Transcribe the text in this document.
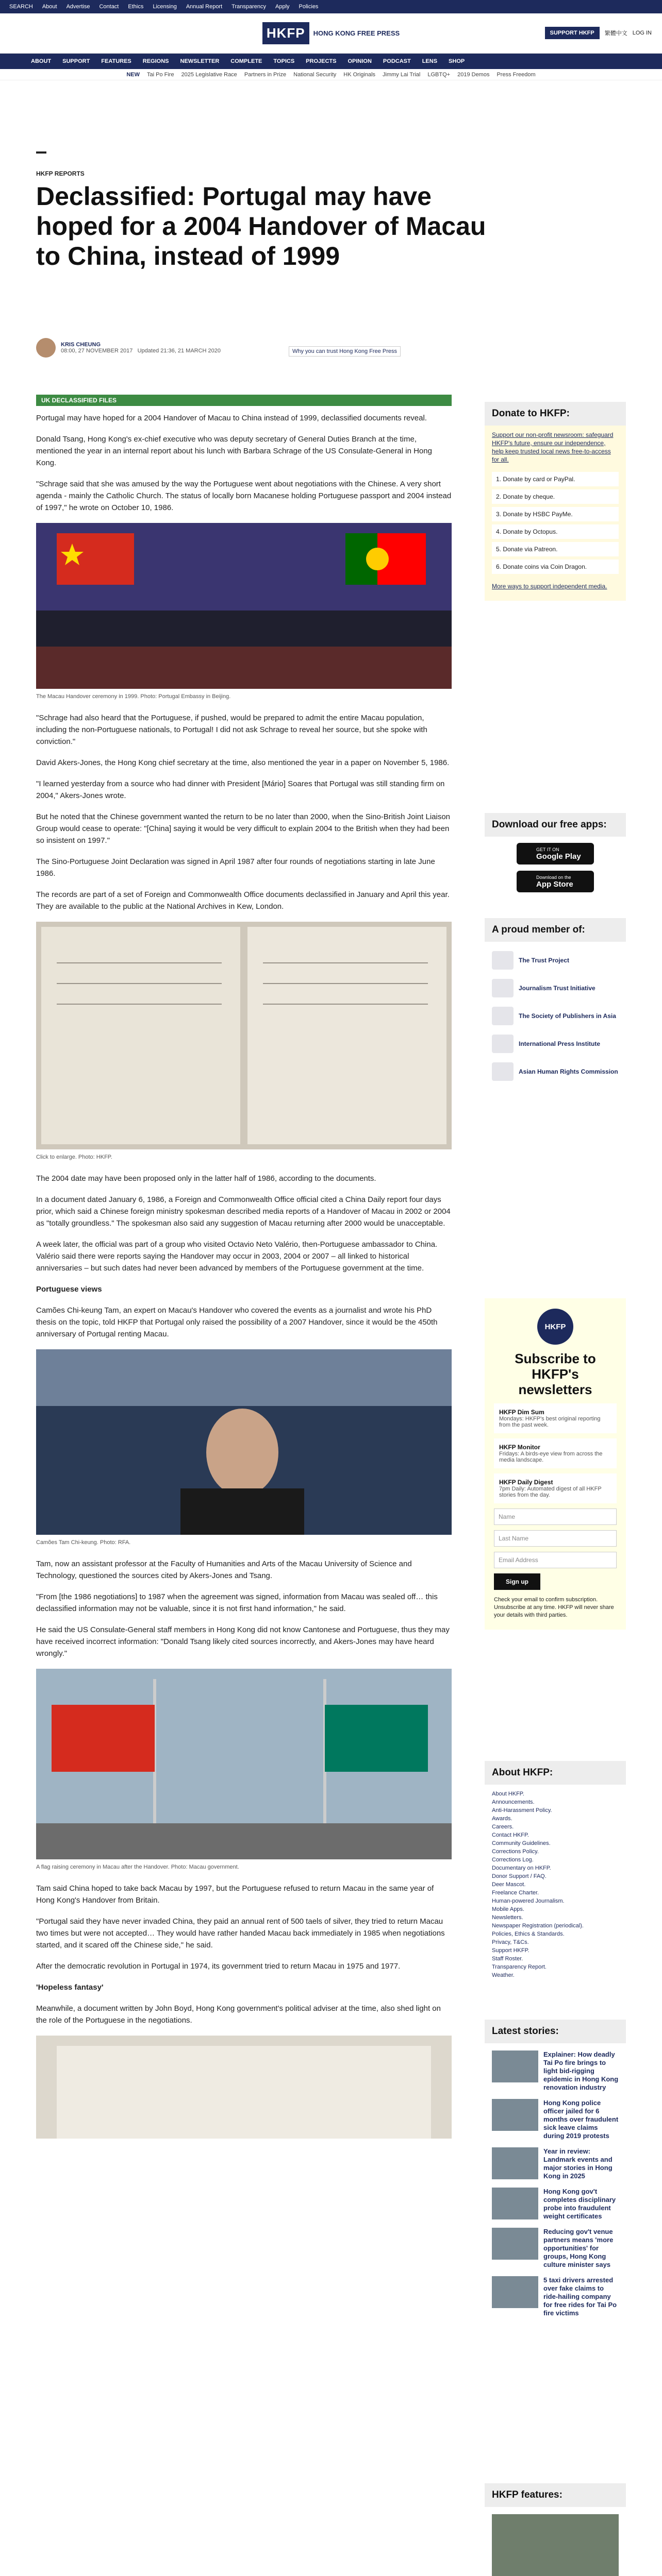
SEARCH About Advertise Contact Ethics Licensing Annual Report Transparency Apply Policies
HKFP	HONG KONG FREE PRESS	SUPPORT HKFP	繁體中文 LOG IN
ABOUT SUPPORT FEATURES REGIONS NEWSLETTER COMPLETE TOPICS PROJECTS OPINION PODCAST LENS SHOP
NEW Tai Po Fire 2025 Legislative Race Partners in Prize National Security HK Originals Jimmy Lai Trial LGBTQ+ 2019 Demos Press Freedom
HKFP REPORTS
Declassified: Portugal may have hoped for a 2004 Handover of Macau to China, instead of 1999
KRIS CHEUNG
08:00, 27 NOVEMBER 2017 Updated 21:36, 21 MARCH 2020	Why you can trust Hong Kong Free Press
UK DECLASSIFIED FILES

Portugal may have hoped for a 2004 Handover of Macau to China instead of 1999, declassified documents reveal.

Donald Tsang, Hong Kong's ex-chief executive who was deputy secretary of General Duties Branch at the time, mentioned the year in an internal report about his lunch with Barbara Schrage of the US Consulate-General in Hong Kong.

"Schrage said that she was amused by the way the Portuguese went about negotiations with the Chinese. A very short agenda - mainly the Catholic Church. The status of locally born Macanese holding Portuguese passport and 2004 instead of 1997," he wrote on October 10, 1986.

The Macau Handover ceremony in 1999. Photo: Portugal Embassy in Beijing.

"Schrage had also heard that the Portuguese, if pushed, would be prepared to admit the entire Macau population, including the non-Portuguese nationals, to Portugal! I did not ask Schrage to reveal her source, but she spoke with conviction."

David Akers-Jones, the Hong Kong chief secretary at the time, also mentioned the year in a paper on November 5, 1986.

"I learned yesterday from a source who had dinner with President [Mário] Soares that Portugal was still standing firm on 2004," Akers-Jones wrote.

But he noted that the Chinese government wanted the return to be no later than 2000, when the Sino-British Joint Liaison Group would cease to operate: "[China] saying it would be very difficult to explain 2004 to the British when they had been so insistent on 1997."

The Sino-Portuguese Joint Declaration was signed in April 1987 after four rounds of negotiations starting in late June 1986.

The records are part of a set of Foreign and Commonwealth Office documents declassified in January and April this year. They are available to the public at the National Archives in Kew, London.

Click to enlarge. Photo: HKFP.

The 2004 date may have been proposed only in the latter half of 1986, according to the documents.

In a document dated January 6, 1986, a Foreign and Commonwealth Office official cited a China Daily report four days prior, which said a Chinese foreign ministry spokesman described media reports of a Handover of Macau in 2002 or 2004 as "totally groundless." The spokesman also said any suggestion of Macau returning after 2000 would be unacceptable.

A week later, the official was part of a group who visited Octavio Neto Valério, then-Portuguese ambassador to China. Valério said there were reports saying the Handover may occur in 2003, 2004 or 2007 – all linked to historical anniversaries – but such dates had never been advanced by members of the Portuguese government at the time.

Portuguese views

Camões Chi-keung Tam, an expert on Macau's Handover who covered the events as a journalist and wrote his PhD thesis on the topic, told HKFP that Portugal only raised the possibility of a 2007 Handover, since it would be the 450th anniversary of Portugal renting Macau.

Camões Tam Chi-keung. Photo: RFA.

Tam, now an assistant professor at the Faculty of Humanities and Arts of the Macau University of Science and Technology, questioned the sources cited by Akers-Jones and Tsang.

"From [the 1986 negotiations] to 1987 when the agreement was signed, information from Macau was sealed off… this declassified information may not be valuable, since it is not first hand information," he said.

He said the US Consulate-General staff members in Hong Kong did not know Cantonese and Portuguese, thus they may have received incorrect information: "Donald Tsang likely cited sources incorrectly, and Akers-Jones may have heard wrongly."

A flag raising ceremony in Macau after the Handover. Photo: Macau government.

Tam said China hoped to take back Macau by 1997, but the Portuguese refused to return Macau in the same year of Hong Kong's Handover from Britain.

"Portugal said they have never invaded China, they paid an annual rent of 500 taels of silver, they tried to return Macau two times but were not accepted… They would have rather handed Macau back immediately in 1985 when negotiations started, and it scared off the Chinese side," he said.

After the democratic revolution in Portugal in 1974, its government tried to return Macau in 1975 and 1977.

'Hopeless fantasy'

Meanwhile, a document written by John Boyd, Hong Kong government's political adviser at the time, also shed light on the role of the Portuguese in the negotiations.

Donate to HKFP:

Support our non-profit newsroom: safeguard HKFP's future, ensure our independence, help keep trusted local news free-to-access for all.

1. Donate by card or PayPal.
2. Donate by cheque.
3. Donate by HSBC PayMe.
4. Donate by Octopus.
5. Donate via Patreon.
6. Donate coins via Coin Dragon.

More ways to support independent media.

Download our free apps:
GET IT ON
Google Play
Download on the
App Store
A proud member of:
The Trust Project
Journalism Trust Initiative
The Society of Publishers in Asia
International Press Institute
Asian Human Rights Commission
HKFP
Subscribe to HKFP's newsletters
HKFP Dim Sum
Mondays: HKFP's best original reporting from the past week.
HKFP Monitor
Fridays: A birds-eye view from across the media landscape.
HKFP Daily Digest
7pm Daily: Automated digest of all HKFP stories from the day.
Name
Last Name
Email Address
Sign up

Check your email to confirm subscription. Unsubscribe at any time. HKFP will never share your details with third parties.

About HKFP:
About HKFP.
Announcements.
Anti-Harassment Policy.
Awards.
Careers.
Contact HKFP.
Community Guidelines.
Corrections Policy.
Corrections Log.
Documentary on HKFP.
Donor Support / FAQ.
Deer Mascot.
Freelance Charter.
Human-powered Journalism.
Mobile Apps.
Newsletters.
Newspaper Registration (periodical).
Policies, Ethics & Standards.
Privacy, T&Cs.
Support HKFP.
Staff Roster.
Transparency Report.
Weather.
Latest stories:
Explainer: How deadly Tai Po fire brings to light bid-rigging epidemic in Hong Kong renovation industry
Hong Kong police officer jailed for 6 months over fraudulent sick leave claims during 2019 protests
Year in review: Landmark events and major stories in Hong Kong in 2025
Hong Kong gov't completes disciplinary probe into fraudulent weight certificates
Reducing gov't venue partners means 'more opportunities' for groups, Hong Kong culture minister says
5 taxi drivers arrested over fake claims to ride-hailing company for free rides for Tai Po fire victims
HKFP features:
